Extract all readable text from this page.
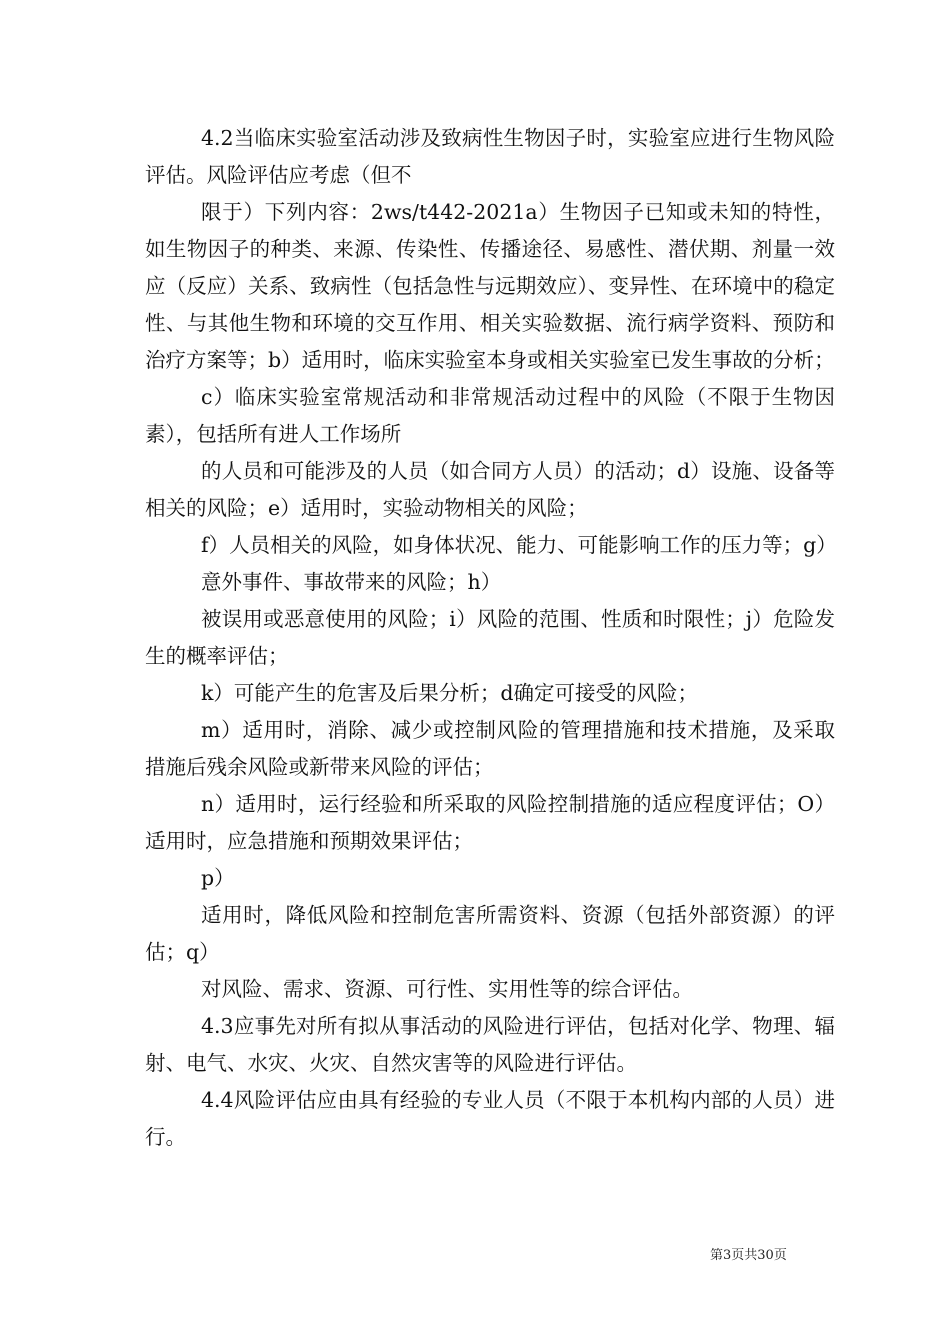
4.2当临床实验室活动涉及致病性生物因子时，实验室应进行生物风险评估。风险评估应考虑（但不

限于）下列内容：2ws/t442-2021a）生物因子已知或未知的特性，如生物因子的种类、来源、传染性、传播途径、易感性、潜伏期、剂量一效应（反应）关系、致病性（包括急性与远期效应）、变异性、在环境中的稳定性、与其他生物和环境的交互作用、相关实验数据、流行病学资料、预防和治疗方案等；b）适用时，临床实验室本身或相关实验室已发生事故的分析；

c）临床实验室常规活动和非常规活动过程中的风险（不限于生物因素），包括所有进人工作场所

的人员和可能涉及的人员（如合同方人员）的活动；d）设施、设备等相关的风险；e）适用时，实验动物相关的风险；

f）人员相关的风险，如身体状况、能力、可能影响工作的压力等；g）

意外事件、事故带来的风险；h）

被误用或恶意使用的风险；i）风险的范围、性质和时限性；j）危险发生的概率评估；

k）可能产生的危害及后果分析；d确定可接受的风险；

m）适用时，消除、减少或控制风险的管理措施和技术措施，及采取措施后残余风险或新带来风险的评估；

n）适用时，运行经验和所采取的风险控制措施的适应程度评估；O）适用时，应急措施和预期效果评估；

p）

适用时，降低风险和控制危害所需资料、资源（包括外部资源）的评估；q）

对风险、需求、资源、可行性、实用性等的综合评估。

4.3应事先对所有拟从事活动的风险进行评估，包括对化学、物理、辐射、电气、水灾、火灾、自然灾害等的风险进行评估。

4.4风险评估应由具有经验的专业人员（不限于本机构内部的人员）进行。

第3页共30页
